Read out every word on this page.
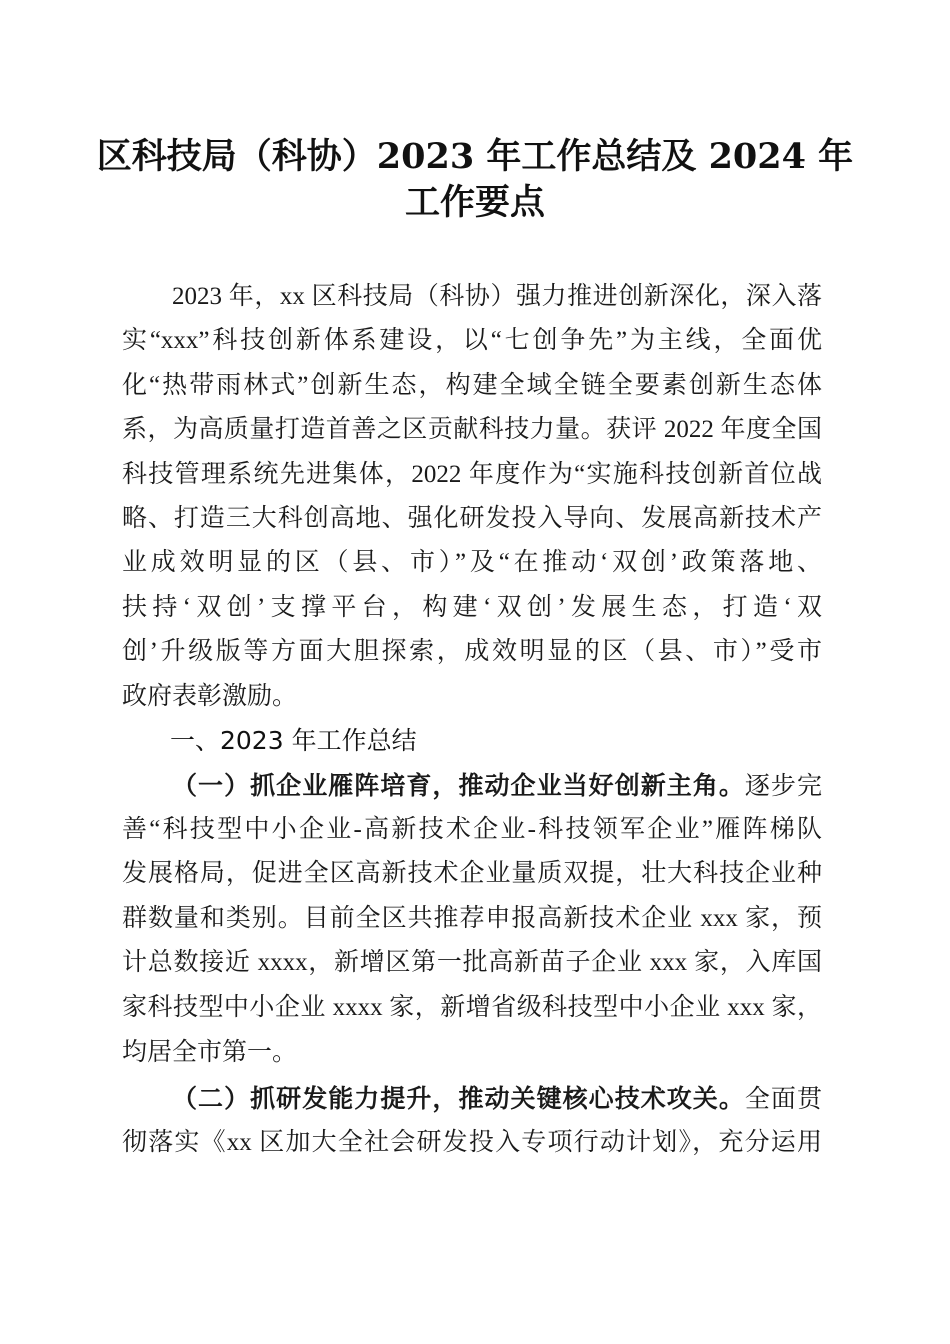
区科技局（科协）2023 年工作总结及 2024 年
工作要点
2023 年，xx 区科技局（科协）强力推进创新深化，深入落
实“xxx”科技创新体系建设，以“七创争先”为主线，全面优
化“热带雨林式”创新生态，构建全域全链全要素创新生态体
系，为高质量打造首善之区贡献科技力量。获评 2022 年度全国
科技管理系统先进集体，2022 年度作为“实施科技创新首位战
略、打造三大科创高地、强化研发投入导向、发展高新技术产
业成效明显的区（县、市）”及“在推动‘双创’政策落地、
扶持‘双创’支撑平台，构建‘双创’发展生态，打造‘双
创’升级版等方面大胆探索，成效明显的区（县、市）”受市
政府表彰激励。
一、2023 年工作总结
（一）抓企业雁阵培育，推动企业当好创新主角。逐步完
善“科技型中小企业-高新技术企业-科技领军企业”雁阵梯队
发展格局，促进全区高新技术企业量质双提，壮大科技企业种
群数量和类别。目前全区共推荐申报高新技术企业 xxx 家，预
计总数接近 xxxx，新增区第一批高新苗子企业 xxx 家，入库国
家科技型中小企业 xxxx 家，新增省级科技型中小企业 xxx 家，
均居全市第一。
（二）抓研发能力提升，推动关键核心技术攻关。全面贯
彻落实《xx 区加大全社会研发投入专项行动计划》，充分运用
